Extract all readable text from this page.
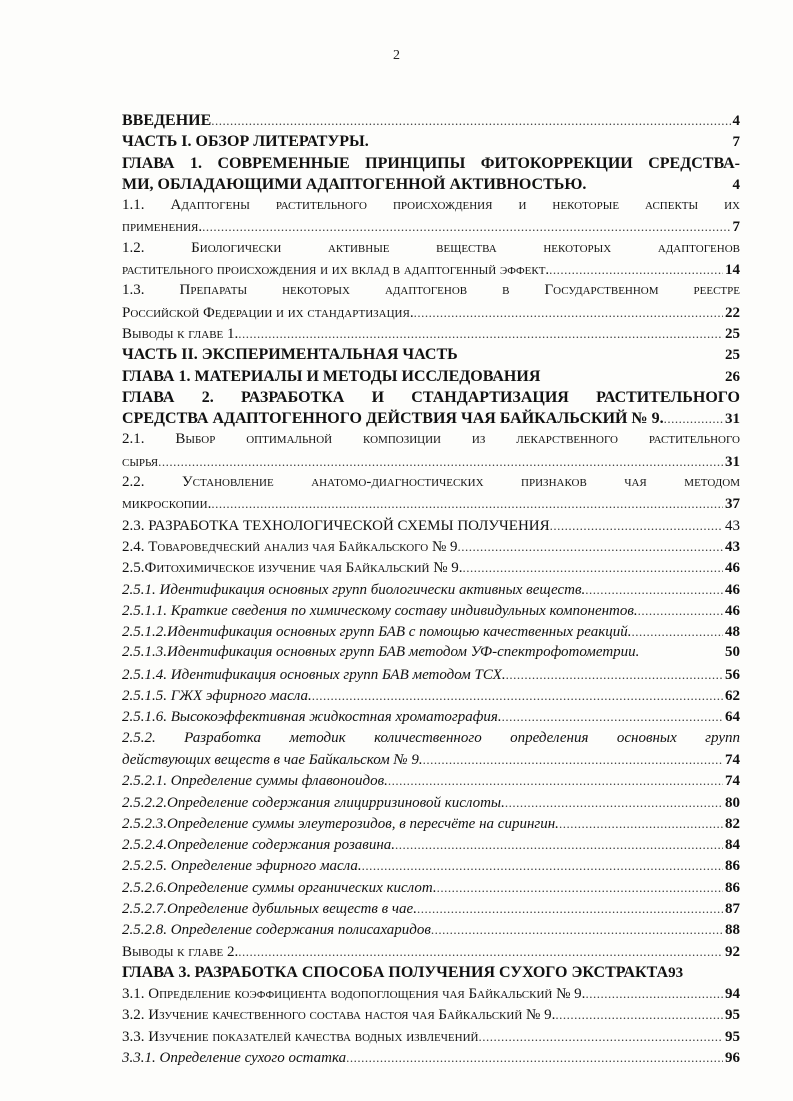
2
ВВЕДЕНИЕ .....	4
ЧАСТЬ I. ОБЗОР ЛИТЕРАТУРЫ.	7
ГЛАВА 1. СОВРЕМЕННЫЕ ПРИНЦИПЫ ФИТОКОРРЕКЦИИ СРЕДСТВА-
МИ, ОБЛАДАЮЩИМИ АДАПТОГЕННОЙ АКТИВНОСТЬЮ.	4
1.1. Адаптогены растительного происхождения и некоторые аспекты их
применения. .....	7
1.2. Биологически активные вещества некоторых адаптогенов
растительного происхождения и их вклад в адаптогенный эффект. .....	14
1.3. Препараты некоторых адаптогенов в Государственном реестре
Российской Федерации и их стандартизация. .....	22
Выводы к главе 1. .....	25
ЧАСТЬ II. ЭКСПЕРИМЕНТАЛЬНАЯ ЧАСТЬ	25
ГЛАВА 1. МАТЕРИАЛЫ И МЕТОДЫ ИССЛЕДОВАНИЯ	26
ГЛАВА 2. РАЗРАБОТКА И СТАНДАРТИЗАЦИЯ РАСТИТЕЛЬНОГО
СРЕДСТВА АДАПТОГЕННОГО ДЕЙСТВИЯ ЧАЯ БАЙКАЛЬСКИЙ № 9. .....	31
2.1. Выбор оптимальной композиции из лекарственного растительного
сырья .....	31
2.2. Установление анатомо-диагностических признаков чая методом
микроскопии. .....	37
2.3. РАЗРАБОТКА ТЕХНОЛОГИЧЕСКОЙ СХЕМЫ ПОЛУЧЕНИЯ .....	43
2.4. Товароведческий анализ чая Байкальского № 9 .....	43
2.5.Фитохимическое изучение чая Байкальский № 9. .....	46
2.5.1. Идентификация основных групп биологически активных веществ. .....	46
2.5.1.1. Краткие сведения по химическому составу индивидульных компонентов. .....	46
2.5.1.2.Идентификация основных групп БАВ с помощью качественных реакций. .....	48
2.5.1.3.Идентификация основных групп БАВ методом УФ-спектрофотометрии.	50
2.5.1.4. Идентификация основных групп БАВ методом ТСХ. .....	56
2.5.1.5. ГЖХ эфирного масла. .....	62
2.5.1.6. Высокоэффективная жидкостная хроматография. .....	64
2.5.2. Разработка методик количественного определения основных групп
действующих веществ в чае Байкальском № 9. .....	74
2.5.2.1. Определение суммы флавоноидов. .....	74
2.5.2.2.Определение содержания глицирризиновой кислоты. .....	80
2.5.2.3.Определение суммы элеутерозидов, в пересчёте на сирингин. .....	82
2.5.2.4.Определение содержания розавина. .....	84
2.5.2.5. Определение эфирного масла. .....	86
2.5.2.6.Определение суммы органических кислот. .....	86
2.5.2.7.Определение дубильных веществ в чае. .....	87
2.5.2.8. Определение содержания полисахаридов .....	88
Выводы к главе 2. .....	92
ГЛАВА 3. РАЗРАБОТКА СПОСОБА ПОЛУЧЕНИЯ СУХОГО ЭКСТРАКТА 93
3.1. Определение коэффициента водопоглощения чая Байкальский № 9. .....	94
3.2. Изучение качественного состава настоя чая Байкальский № 9. .....	95
3.3. Изучение показателей качества водных извлечений .....	95
3.3.1. Определение сухого остатка .....	96
